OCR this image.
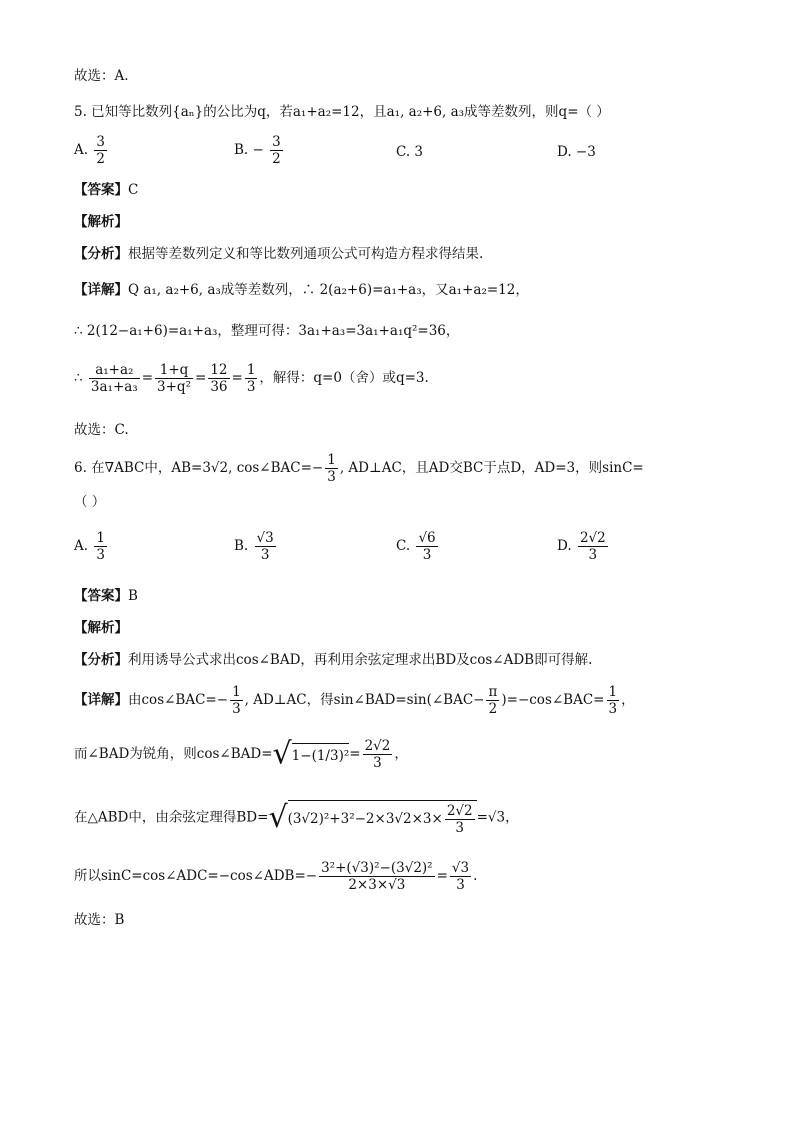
故选：A.
5. 已知等比数列{aₙ}的公比为q，若a₁+a₂=12，且a₁, a₂+6, a₃成等差数列，则q=（ ）
A. $\frac{3}{2}$	B. − $\frac{3}{2}$	C. 3	D. −3
【答案】C
【解析】
【分析】根据等差数列定义和等比数列通项公式可构造方程求得结果.
【详解】Q a₁, a₂+6, a₃成等差数列，∴ 2(a₂+6)=a₁+a₃，又a₁+a₂=12，
∴ 2(12−a₁+6)=a₁+a₃，整理可得：3a₁+a₃=3a₁+a₁q²=36，
∴ $\frac{\text{a₁+a₂}}{\text{3a₁+a₃}} = \frac{1+q}{\text{3+q²}} = \frac{12}{36} = \frac{1}{3}$ ，解得：q=0（舍）或q=3.
故选：C.
6. 在∇ABC中，AB=3√2, cos∠BAC=− $\frac{1}{3}$ , AD⊥AC，且AD交BC于点D，AD=3，则sinC=
（ ）
A. $\frac{1}{3}$	B. $\frac{√3}{3}$	C. $\frac{√6}{3}$	D. $\frac{2√2}{3}$
【答案】B
【解析】
【分析】利用诱导公式求出cos∠BAD，再利用余弦定理求出BD及cos∠ADB即可得解.
【详解】由cos∠BAC=− $\frac{1}{3}$ , AD⊥AC，得sin∠BAD=sin(∠BAC− $\frac{\pi}{2}$ )=−cos∠BAC= $\frac{1}{3}$ ，
而∠BAD为锐角，则cos∠BAD=√1−(1/3)²= $\frac{2√2}{3}$ ，
在△ABD中，由余弦定理得$BD=√(3√2)^2+3^2-2\times 3√2\times 3\times \frac{2√2}{3} =√3$，
所以sinC=cos∠ADC=−cos∠ADB=− $\frac{\text{3²+(√3)²−(3√2)²}}{2\times 3\times√3} = \frac{√3}{3}$ .
故选：B
